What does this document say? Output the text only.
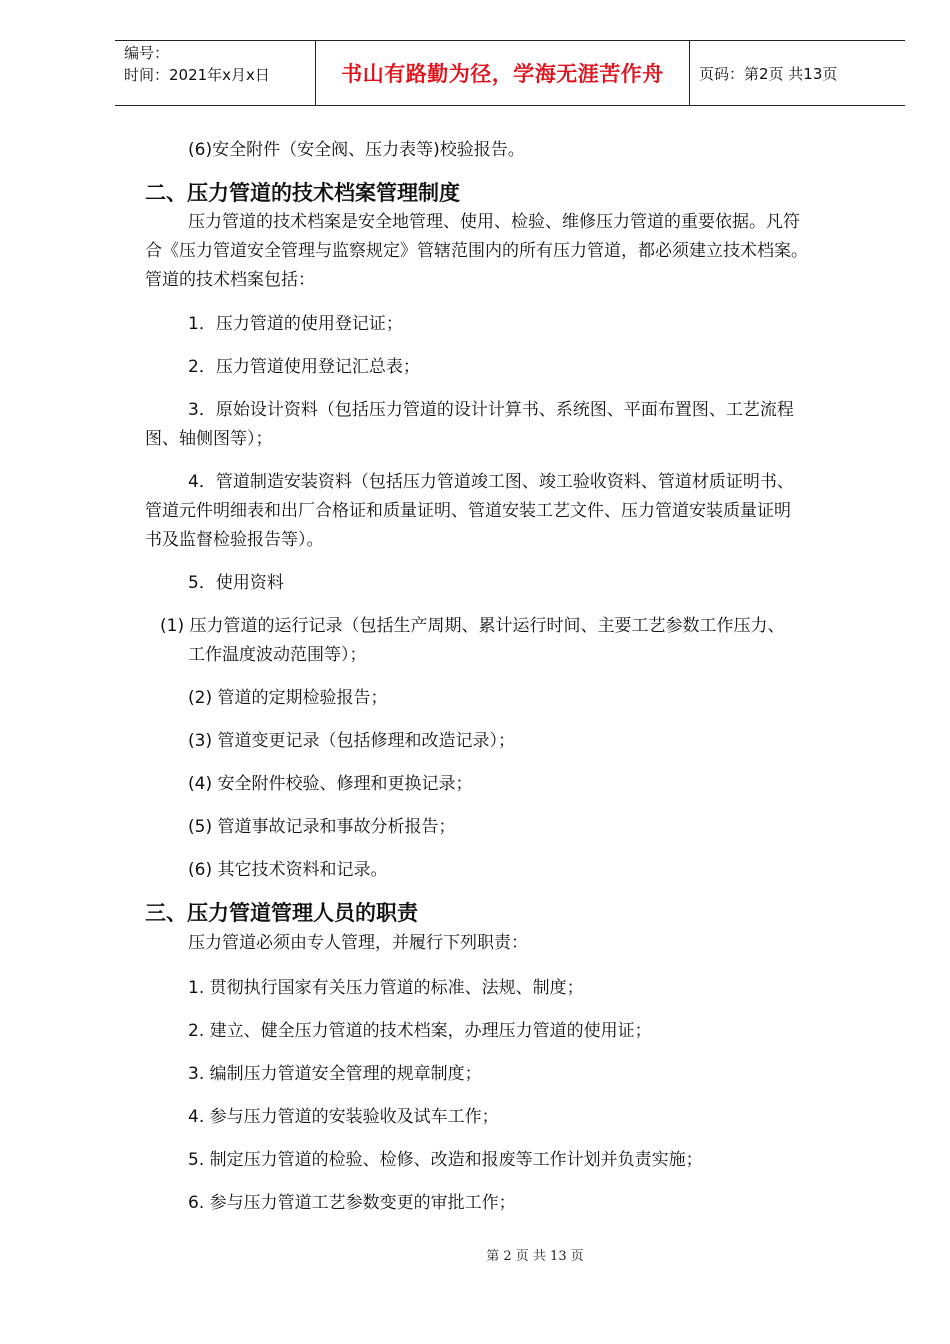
编号：
时间：2021年x月x日	书山有路勤为径，学海无涯苦作舟 页码：第2页 共13页
(6)安全附件（安全阀、压力表等)校验报告。
二、压力管道的技术档案管理制度
压力管道的技术档案是安全地管理、使用、检验、维修压力管道的重要依据。凡符
合《压力管道安全管理与监察规定》管辖范围内的所有压力管道，都必须建立技术档案。
管道的技术档案包括：
1．压力管道的使用登记证；
2．压力管道使用登记汇总表；
3．原始设计资料（包括压力管道的设计计算书、系统图、平面布置图、工艺流程
图、轴侧图等）；
4．管道制造安装资料（包括压力管道竣工图、竣工验收资料、管道材质证明书、
管道元件明细表和出厂合格证和质量证明、管道安装工艺文件、压力管道安装质量证明
书及监督检验报告等）。
5．使用资料
(1) 压力管道的运行记录（包括生产周期、累计运行时间、主要工艺参数工作压力、
工作温度波动范围等）；
(2) 管道的定期检验报告；
(3) 管道变更记录（包括修理和改造记录）；
(4) 安全附件校验、修理和更换记录；
(5) 管道事故记录和事故分析报告；
(6) 其它技术资料和记录。
三、压力管道管理人员的职责
压力管道必须由专人管理，并履行下列职责：
1. 贯彻执行国家有关压力管道的标准、法规、制度；
2. 建立、健全压力管道的技术档案，办理压力管道的使用证；
3. 编制压力管道安全管理的规章制度；
4. 参与压力管道的安装验收及试车工作；
5. 制定压力管道的检验、检修、改造和报废等工作计划并负责实施；
6. 参与压力管道工艺参数变更的审批工作；
第 2 页 共 13 页
